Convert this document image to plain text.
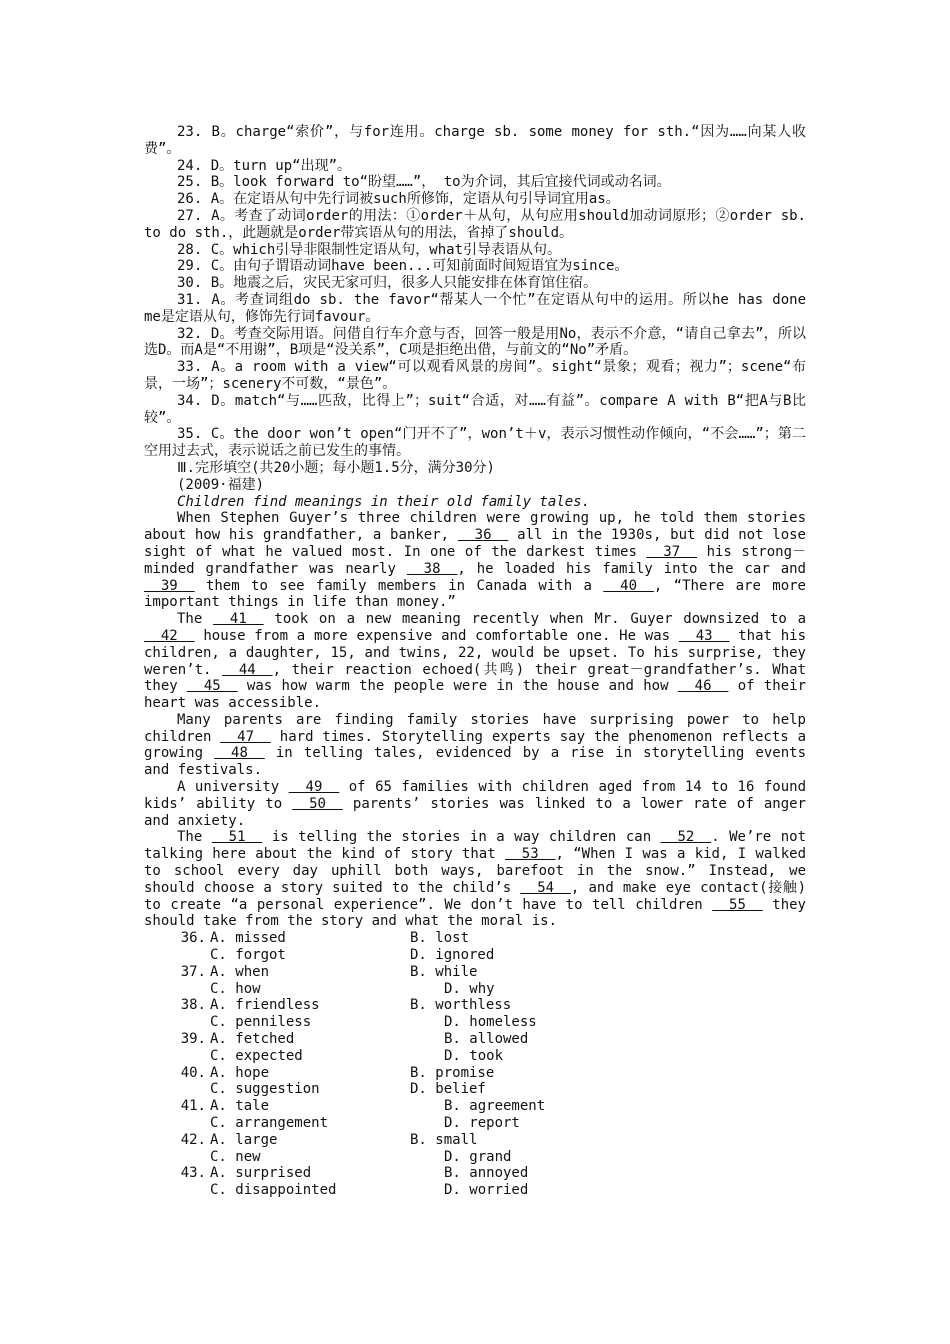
23. B。charge“索价”，与for连用。charge sb. some money for sth.“因为……向某人收费”。
24. D。turn up“出现”。
25. B。look forward to“盼望……”， to为介词，其后宜接代词或动名词。
26. A。在定语从句中先行词被such所修饰，定语从句引导词宜用as。
27. A。考查了动词order的用法：①order＋从句，从句应用should加动词原形；②order sb. to do sth.，此题就是order带宾语从句的用法，省掉了should。
28. C。which引导非限制性定语从句，what引导表语从句。
29. C。由句子谓语动词have been...可知前面时间短语宜为since。
30. B。地震之后，灾民无家可归，很多人只能安排在体育馆住宿。
31. A。考查词组do sb. the favor“帮某人一个忙”在定语从句中的运用。所以he has done me是定语从句，修饰先行词favour。
32. D。考查交际用语。问借自行车介意与否，回答一般是用No，表示不介意，“请自己拿去”，所以选D。而A是“不用谢”，B项是“没关系”，C项是拒绝出借，与前文的“No”矛盾。
33. A。a room with a view“可以观看风景的房间”。sight“景象；观看；视力”；scene“布景，一场”；scenery不可数，“景色”。
34. D。match“与……匹敌，比得上”；suit“合适，对……有益”。compare A with B“把A与B比较”。
35. C。the door won’t open“门开不了”，won’t＋v，表示习惯性动作倾向，“不会……”；第二空用过去式，表示说话之前已发生的事情。
Ⅲ.完形填空(共20小题；每小题1.5分，满分30分)
(2009·福建)
Children find meanings in their old family tales.
When Stephen Guyer’s three children were growing up, he told them stories about how his grandfather, a banker,   36   all in the 1930s, but did not lose sight of what he valued most. In one of the darkest times   37   his strong－minded grandfather was nearly   38  , he loaded his family into the car and   39   them to see family members in Canada with a   40  , “There are more important things in life than money.”
The   41   took on a new meaning recently when Mr. Guyer downsized to a   42   house from a more expensive and comfortable one. He was   43   that his children, a daughter, 15, and twins, 22, would be upset. To his surprise, they weren’t.   44  , their reaction echoed(共鸣) their great－grandfather’s. What they   45   was how warm the people were in the house and how   46   of their heart was accessible.
Many parents are finding family stories have surprising power to help children   47   hard times. Storytelling experts say the phenomenon reflects a growing   48   in telling tales, evidenced by a rise in storytelling events and festivals.
A university   49   of 65 families with children aged from 14 to 16 found kids’ ability to   50   parents’ stories was linked to a lower rate of anger and anxiety.
The   51   is telling the stories in a way children can   52  . We’re not talking here about the kind of story that   53  , “When I was a kid, I walked to school every day uphill both ways, barefoot in the snow.” Instead, we should choose a story suited to the child’s   54  , and make eye contact(接触) to create “a personal experience”. We don’t have to tell children   55   they should take from the story and what the moral is.
36. A. missed	B. lost
C. forgot	D. ignored
37. A. when	B. while
C. how	D. why
38. A. friendless	B. worthless
C. penniless	D. homeless
39. A. fetched	B. allowed
C. expected	D. took
40. A. hope	B. promise
C. suggestion	D. belief
41. A. tale	B. agreement
C. arrangement	D. report
42. A. large	B. small
C. new	D. grand
43. A. surprised	B. annoyed
C. disappointed	D. worried
